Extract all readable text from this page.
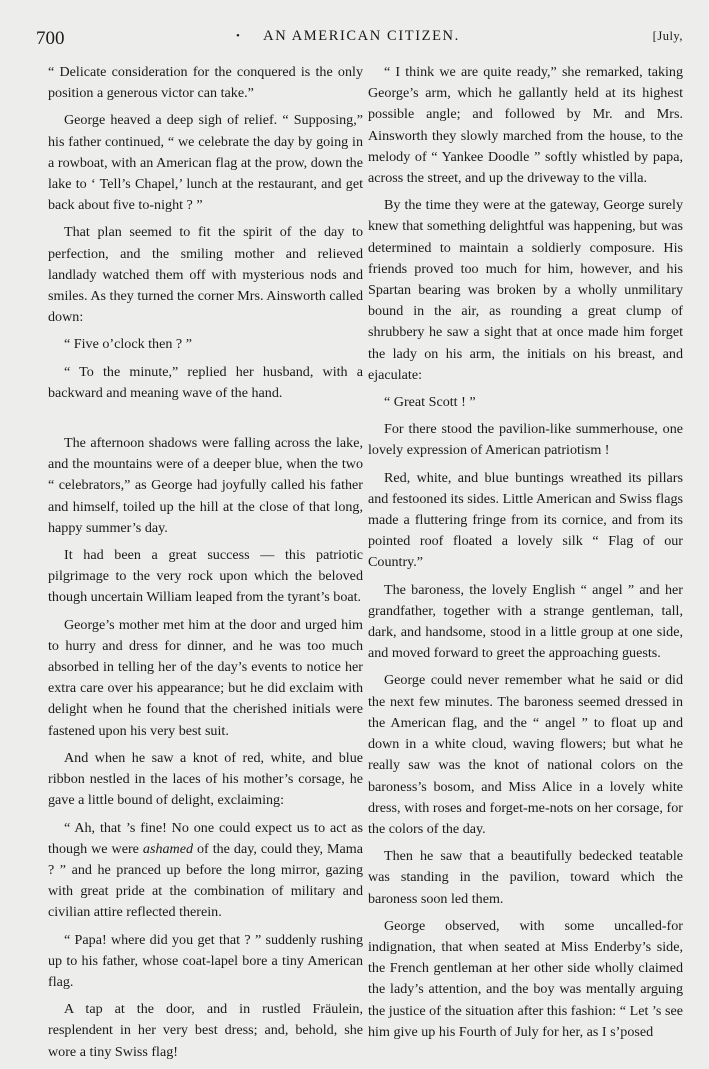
700	•	AN AMERICAN CITIZEN.	[July,

“ Delicate consideration for the conquered is the only position a generous victor can take.”

George heaved a deep sigh of relief. “ Supposing,” his father continued, “ we celebrate the day by going in a rowboat, with an American flag at the prow, down the lake to ‘ Tell’s Chapel,’ lunch at the restaurant, and get back about five to-night ? ”

That plan seemed to fit the spirit of the day to perfection, and the smiling mother and relieved landlady watched them off with mysterious nods and smiles. As they turned the corner Mrs. Ainsworth called down:

“ Five o’clock then ? ”

“ To the minute,” replied her husband, with a backward and meaning wave of the hand.

The afternoon shadows were falling across the lake, and the mountains were of a deeper blue, when the two “ celebrators,” as George had joyfully called his father and himself, toiled up the hill at the close of that long, happy summer’s day.

It had been a great success — this patriotic pilgrimage to the very rock upon which the beloved though uncertain William leaped from the tyrant’s boat.

George’s mother met him at the door and urged him to hurry and dress for dinner, and he was too much absorbed in telling her of the day’s events to notice her extra care over his appearance; but he did exclaim with delight when he found that the cherished initials were fastened upon his very best suit.

And when he saw a knot of red, white, and blue ribbon nestled in the laces of his mother’s corsage, he gave a little bound of delight, exclaiming:

“ Ah, that ’s fine! No one could expect us to act as though we were ashamed of the day, could they, Mama ? ” and he pranced up before the long mirror, gazing with great pride at the combination of military and civilian attire reflected therein.

“ Papa! where did you get that ? ” suddenly rushing up to his father, whose coat-lapel bore a tiny American flag.

A tap at the door, and in rustled Fräulein, resplendent in her very best dress; and, behold, she wore a tiny Swiss flag!

“ I think we are quite ready,” she remarked, taking George’s arm, which he gallantly held at its highest possible angle; and followed by Mr. and Mrs. Ainsworth they slowly marched from the house, to the melody of “ Yankee Doodle ” softly whistled by papa, across the street, and up the driveway to the villa.

By the time they were at the gateway, George surely knew that something delightful was happening, but was determined to maintain a soldierly composure. His friends proved too much for him, however, and his Spartan bearing was broken by a wholly unmilitary bound in the air, as rounding a great clump of shrubbery he saw a sight that at once made him forget the lady on his arm, the initials on his breast, and ejaculate:

“ Great Scott ! ”

For there stood the pavilion-like summerhouse, one lovely expression of American patriotism !

Red, white, and blue buntings wreathed its pillars and festooned its sides. Little American and Swiss flags made a fluttering fringe from its cornice, and from its pointed roof floated a lovely silk “ Flag of our Country.”

The baroness, the lovely English “ angel ” and her grandfather, together with a strange gentleman, tall, dark, and handsome, stood in a little group at one side, and moved forward to greet the approaching guests.

George could never remember what he said or did the next few minutes. The baroness seemed dressed in the American flag, and the “ angel ” to float up and down in a white cloud, waving flowers; but what he really saw was the knot of national colors on the baroness’s bosom, and Miss Alice in a lovely white dress, with roses and forget-me-nots on her corsage, for the colors of the day.

Then he saw that a beautifully bedecked teatable was standing in the pavilion, toward which the baroness soon led them.

George observed, with some uncalled-for indignation, that when seated at Miss Enderby’s side, the French gentleman at her other side wholly claimed the lady’s attention, and the boy was mentally arguing the justice of the situation after this fashion: “ Let ’s see him give up his Fourth of July for her, as I s’posed
